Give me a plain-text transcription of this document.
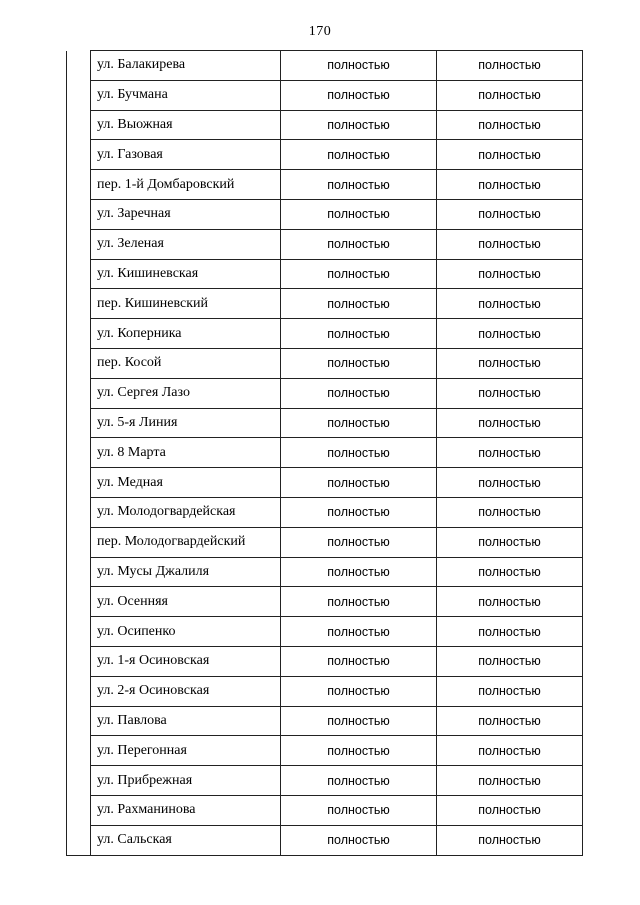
170
	ул. Балакирева	полностью	полностью
	ул. Бучмана	полностью	полностью
	ул. Выожная	полностью	полностью
	ул. Газовая	полностью	полностью
	пер. 1-й Домбаровский	полностью	полностью
	ул. Заречная	полностью	полностью
	ул. Зеленая	полностью	полностью
	ул. Кишиневская	полностью	полностью
	пер. Кишиневский	полностью	полностью
	ул. Коперника	полностью	полностью
	пер. Косой	полностью	полностью
	ул. Сергея Лазо	полностью	полностью
	ул. 5-я Линия	полностью	полностью
	ул. 8 Марта	полностью	полностью
	ул. Медная	полностью	полностью
	ул. Молодогвардейская	полностью	полностью
	пер. Молодогвардейский	полностью	полностью
	ул. Мусы Джалиля	полностью	полностью
	ул. Осенняя	полностью	полностью
	ул. Осипенко	полностью	полностью
	ул. 1-я Осиновская	полностью	полностью
	ул. 2-я Осиновская	полностью	полностью
	ул. Павлова	полностью	полностью
	ул. Перегонная	полностью	полностью
	ул. Прибрежная	полностью	полностью
	ул. Рахманинова	полностью	полностью
	ул. Сальская	полностью	полностью
